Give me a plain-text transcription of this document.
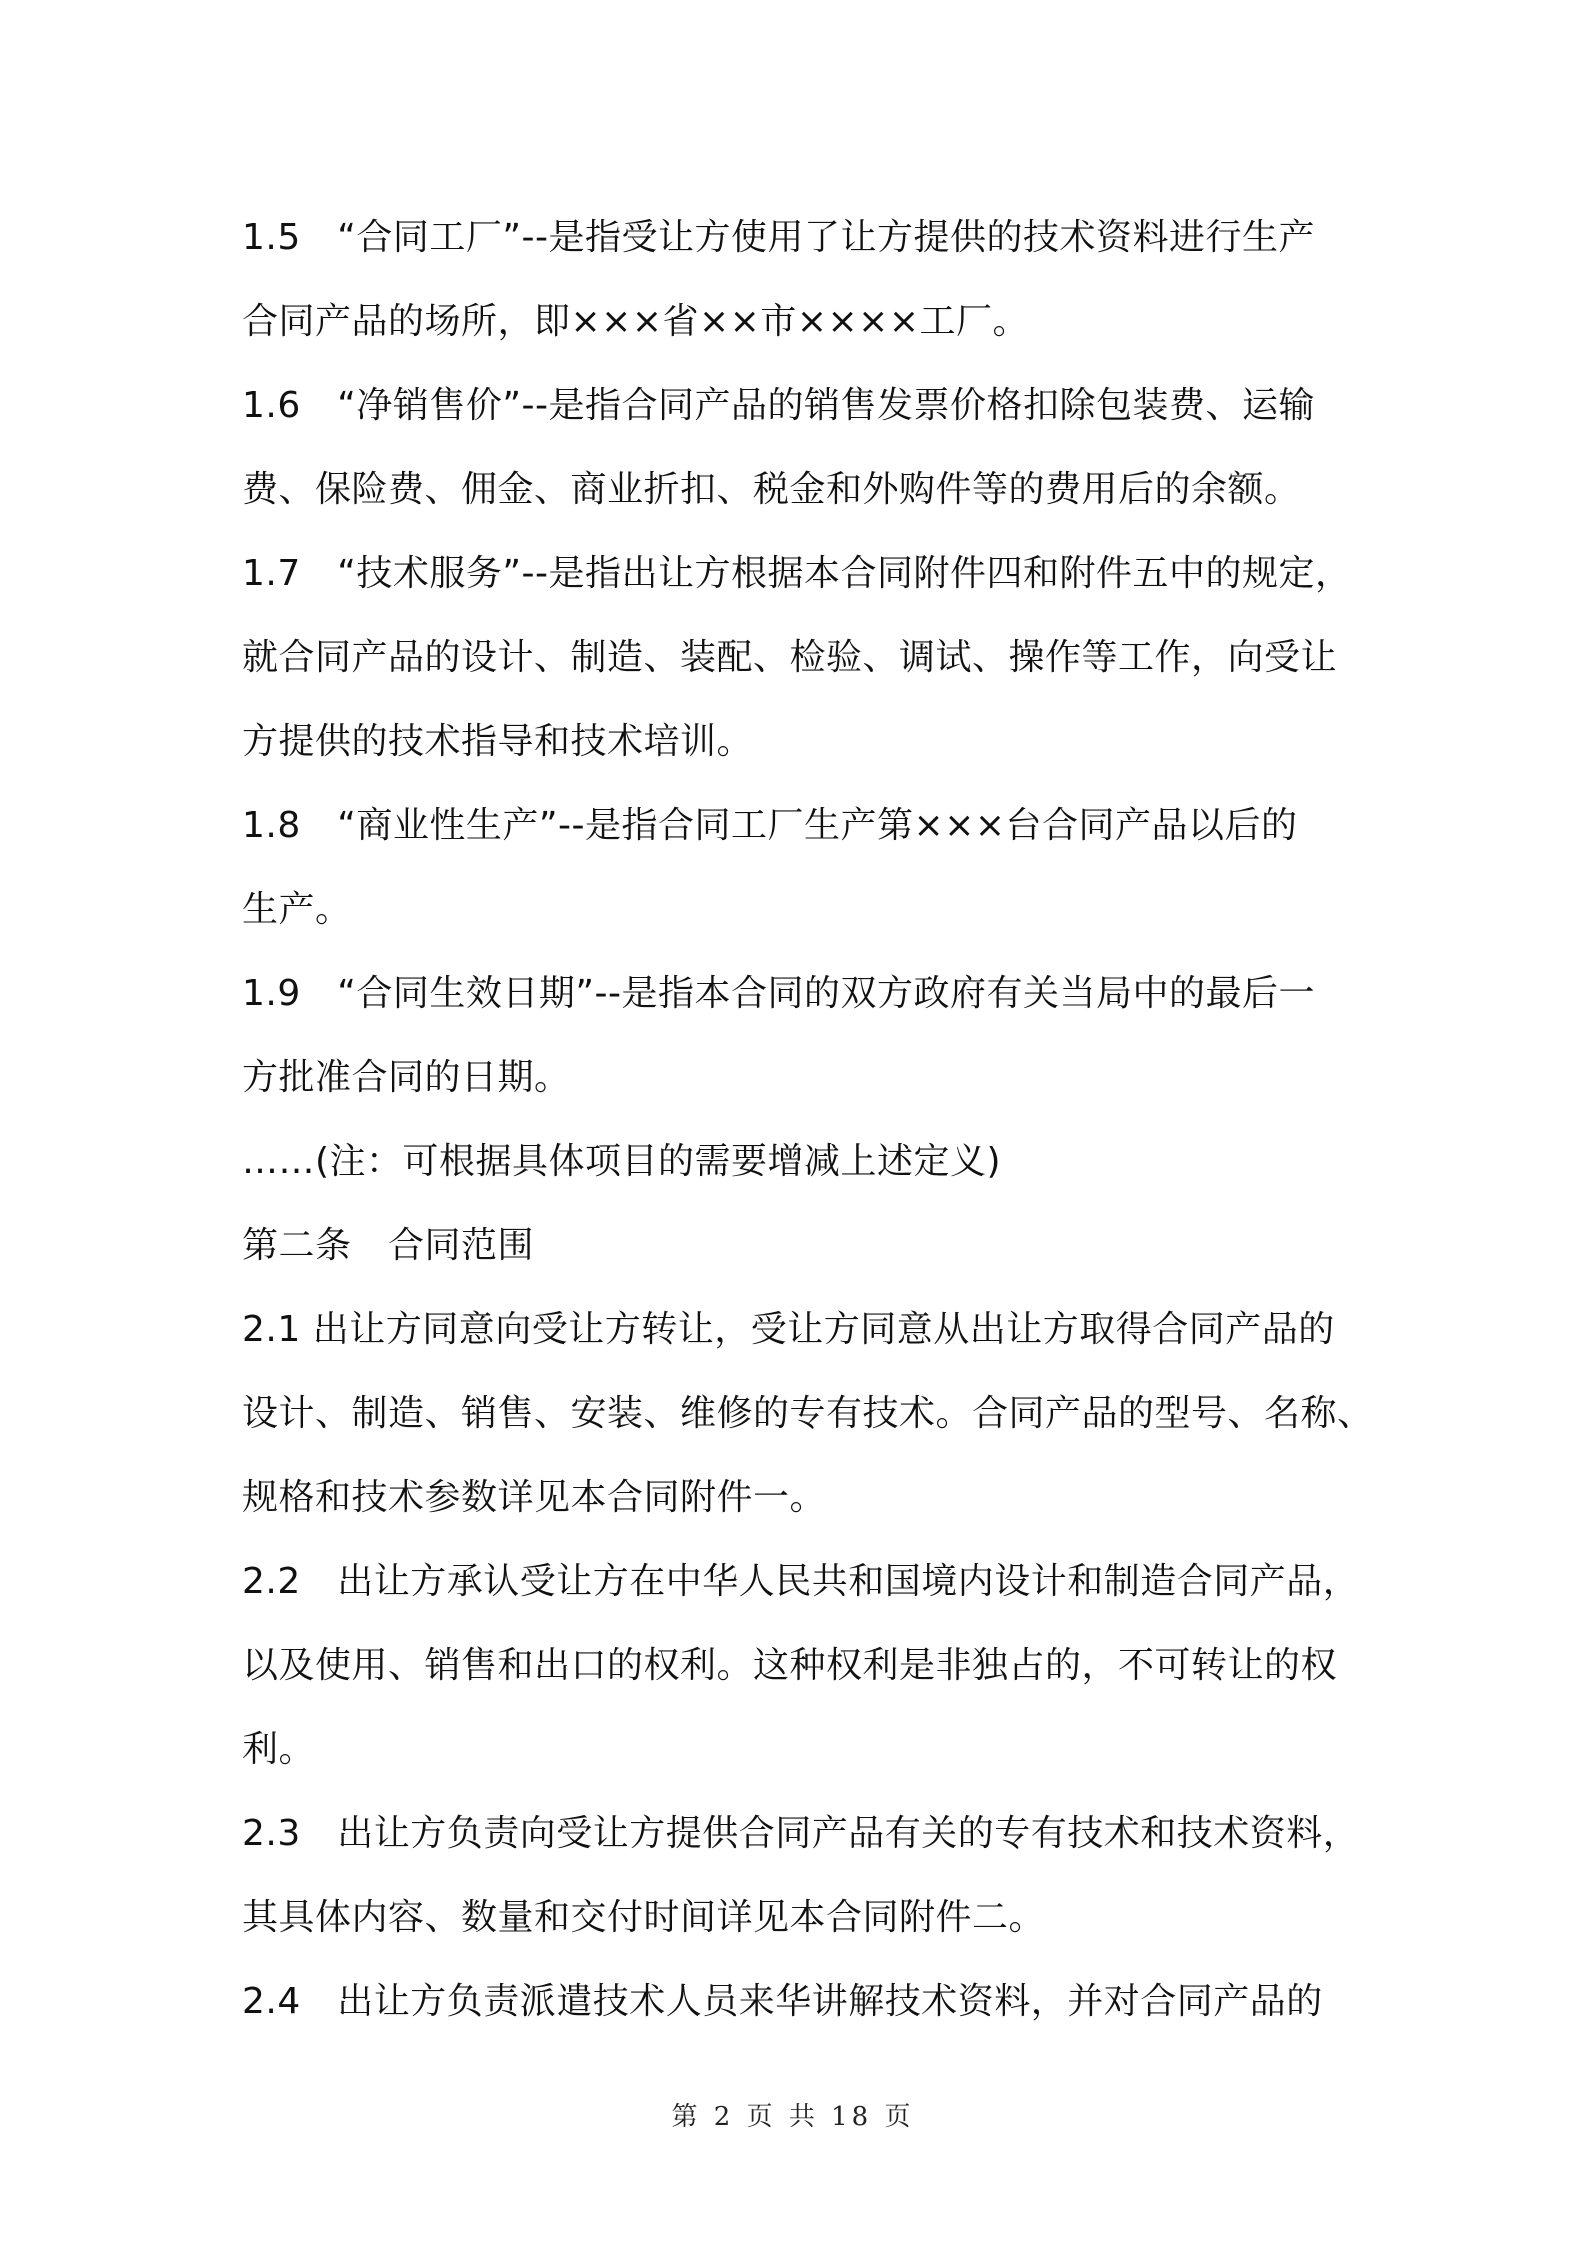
1.5　“合同工厂”--是指受让方使用了让方提供的技术资料进行生产
合同产品的场所，即×××省××市××××工厂。
1.6　“净销售价”--是指合同产品的销售发票价格扣除包装费、运输
费、保险费、佣金、商业折扣、税金和外购件等的费用后的余额。
1.7　“技术服务”--是指出让方根据本合同附件四和附件五中的规定，
就合同产品的设计、制造、装配、检验、调试、操作等工作，向受让
方提供的技术指导和技术培训。
1.8　“商业性生产”--是指合同工厂生产第×××台合同产品以后的
生产。
1.9　“合同生效日期”--是指本合同的双方政府有关当局中的最后一
方批准合同的日期。
……(注：可根据具体项目的需要增减上述定义)
第二条　合同范围
2.1 出让方同意向受让方转让，受让方同意从出让方取得合同产品的
设计、制造、销售、安装、维修的专有技术。合同产品的型号、名称、
规格和技术参数详见本合同附件一。
2.2　出让方承认受让方在中华人民共和国境内设计和制造合同产品，
以及使用、销售和出口的权利。这种权利是非独占的，不可转让的权
利。
2.3　出让方负责向受让方提供合同产品有关的专有技术和技术资料，
其具体内容、数量和交付时间详见本合同附件二。
2.4　出让方负责派遣技术人员来华讲解技术资料，并对合同产品的
第 2 页 共 18 页
